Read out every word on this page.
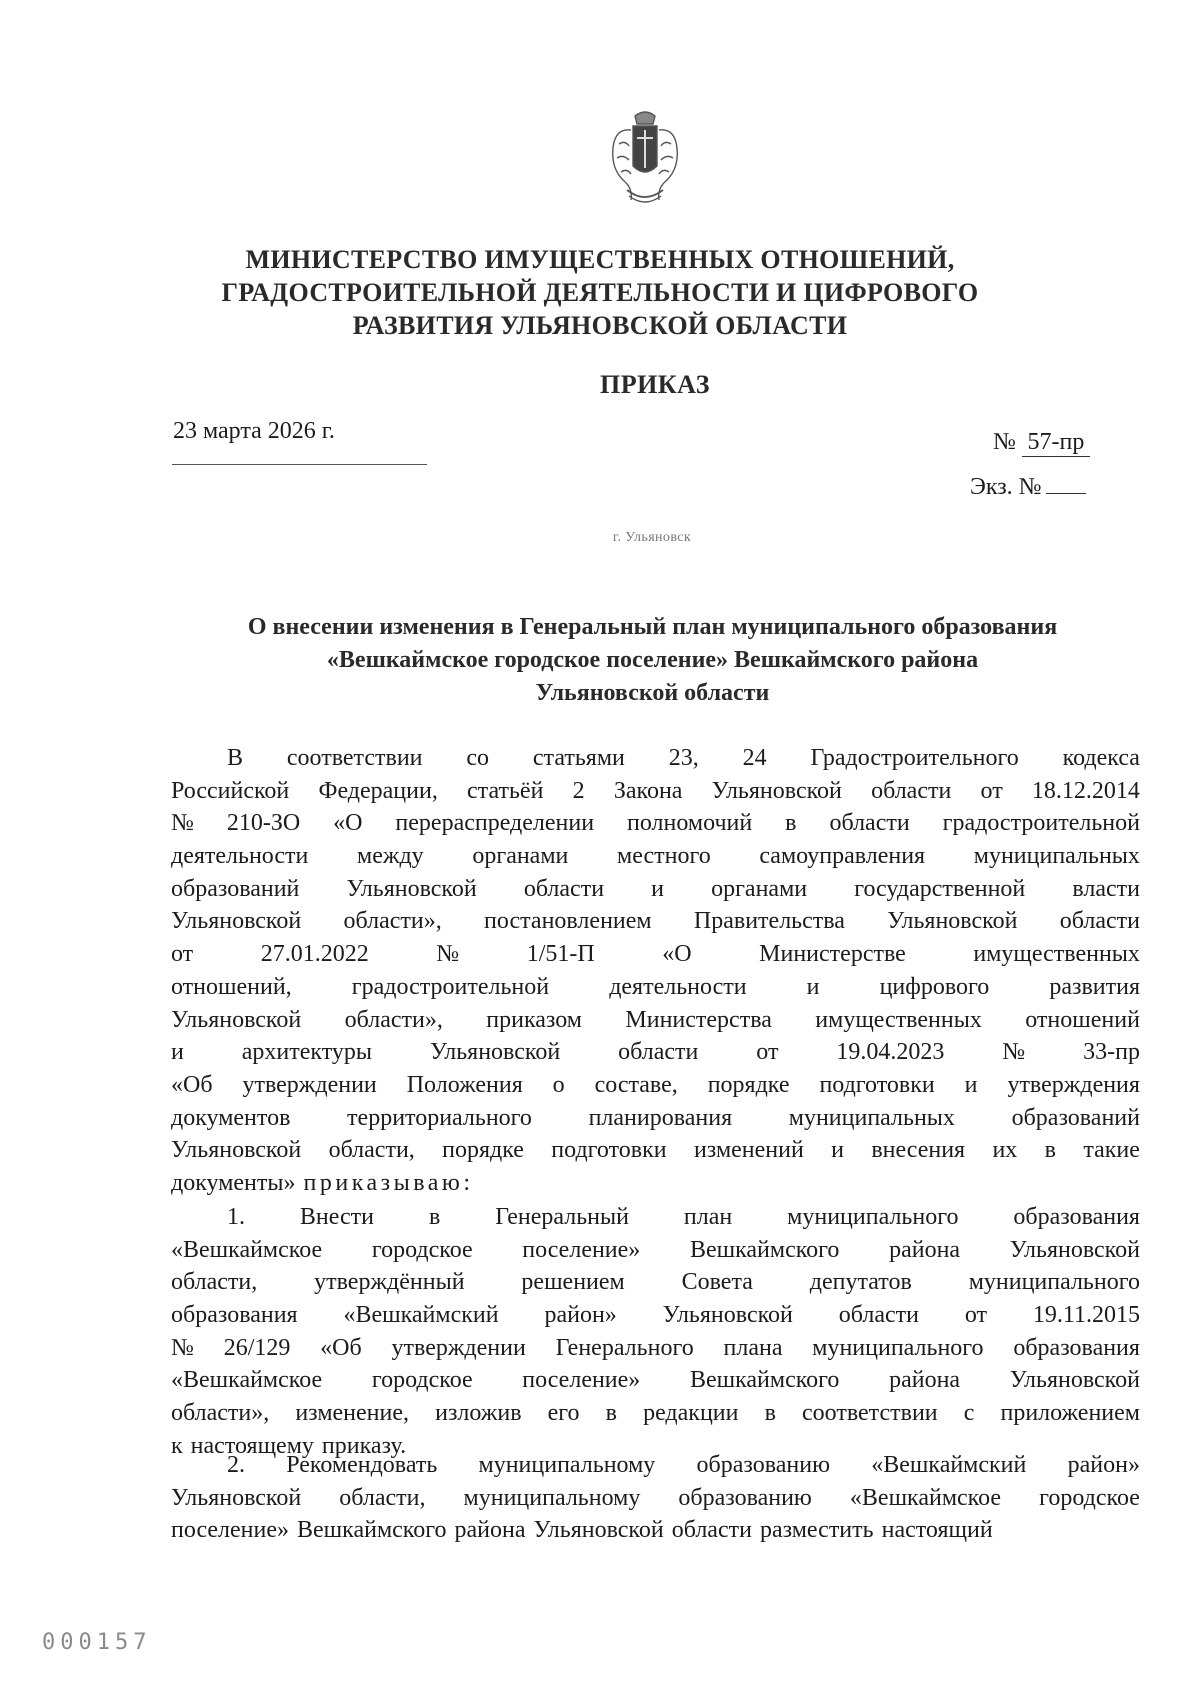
МИНИСТЕРСТВО ИМУЩЕСТВЕННЫХ ОТНОШЕНИЙ,
ГРАДОСТРОИТЕЛЬНОЙ ДЕЯТЕЛЬНОСТИ И ЦИФРОВОГО
РАЗВИТИЯ УЛЬЯНОВСКОЙ ОБЛАСТИ
ПРИКАЗ
23 марта 2026 г.	№ 57-пр
Экз. №
г. Ульяновск
О внесении изменения в Генеральный план муниципального образования
«Вешкаймское городское поселение» Вешкаймского района
Ульяновской области
В соответствии со статьями 23, 24 Градостроительного кодекса
Российской Федерации, статьёй 2 Закона Ульяновской области от 18.12.2014
№ 210-ЗО «О перераспределении полномочий в области градостроительной
деятельности между органами местного самоуправления муниципальных
образований Ульяновской области и органами государственной власти
Ульяновской области», постановлением Правительства Ульяновской области
от	27.01.2022	№	1/51-П	«О	Министерстве	имущественных
отношений,	градостроительной	деятельности	и	цифрового	развития
Ульяновской области», приказом Министерства имущественных отношений
и архитектуры Ульяновской области от 19.04.2023 № 33-пр
«Об утверждении Положения о составе, порядке подготовки и утверждения
документов территориального планирования муниципальных образований
Ульяновской области, порядке подготовки изменений и внесения их в такие
документы» приказываю:
1. Внести в Генеральный план муниципального образования
«Вешкаймское городское поселение» Вешкаймского района Ульяновской
области, утверждённый решением Совета депутатов муниципального
образования «Вешкаймский район» Ульяновской области от 19.11.2015
№ 26/129 «Об утверждении Генерального плана муниципального образования
«Вешкаймское городское поселение» Вешкаймского района Ульяновской
области», изменение, изложив его в редакции в соответствии с приложением
к настоящему приказу.
2. Рекомендовать муниципальному образованию «Вешкаймский район»
Ульяновской области, муниципальному образованию «Вешкаймское городское
поселение» Вешкаймского района Ульяновской области разместить настоящий
000157
